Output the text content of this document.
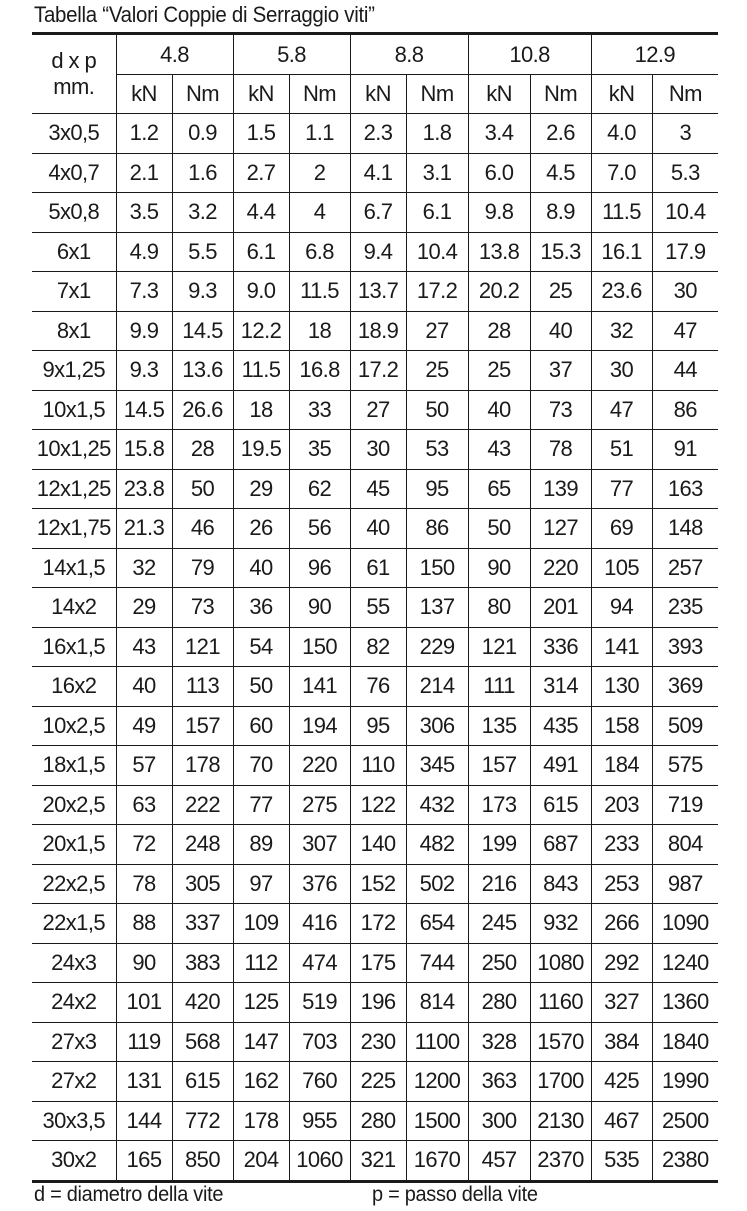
Tabella “Valori Coppie di Serraggio viti”
d x p
mm.	4.8		5.8		8.8		10.8		12.9	
	kN	Nm	kN	Nm	kN	Nm	kN	Nm	kN	Nm
3x0,5	1.2	0.9	1.5	1.1	2.3	1.8	3.4	2.6	4.0	3
4x0,7	2.1	1.6	2.7	2	4.1	3.1	6.0	4.5	7.0	5.3
5x0,8	3.5	3.2	4.4	4	6.7	6.1	9.8	8.9	11.5	10.4
6x1	4.9	5.5	6.1	6.8	9.4	10.4	13.8	15.3	16.1	17.9
7x1	7.3	9.3	9.0	11.5	13.7	17.2	20.2	25	23.6	30
8x1	9.9	14.5	12.2	18	18.9	27	28	40	32	47
9x1,25	9.3	13.6	11.5	16.8	17.2	25	25	37	30	44
10x1,5	14.5	26.6	18	33	27	50	40	73	47	86
10x1,25	15.8	28	19.5	35	30	53	43	78	51	91
12x1,25	23.8	50	29	62	45	95	65	139	77	163
12x1,75	21.3	46	26	56	40	86	50	127	69	148
14x1,5	32	79	40	96	61	150	90	220	105	257
14x2	29	73	36	90	55	137	80	201	94	235
16x1,5	43	121	54	150	82	229	121	336	141	393
16x2	40	113	50	141	76	214	111	314	130	369
10x2,5	49	157	60	194	95	306	135	435	158	509
18x1,5	57	178	70	220	110	345	157	491	184	575
20x2,5	63	222	77	275	122	432	173	615	203	719
20x1,5	72	248	89	307	140	482	199	687	233	804
22x2,5	78	305	97	376	152	502	216	843	253	987
22x1,5	88	337	109	416	172	654	245	932	266	1090
24x3	90	383	112	474	175	744	250	1080	292	1240
24x2	101	420	125	519	196	814	280	1160	327	1360
27x3	119	568	147	703	230	1100	328	1570	384	1840
27x2	131	615	162	760	225	1200	363	1700	425	1990
30x3,5	144	772	178	955	280	1500	300	2130	467	2500
30x2	165	850	204	1060	321	1670	457	2370	535	2380
d = diametro della vite	p = passo della vite
